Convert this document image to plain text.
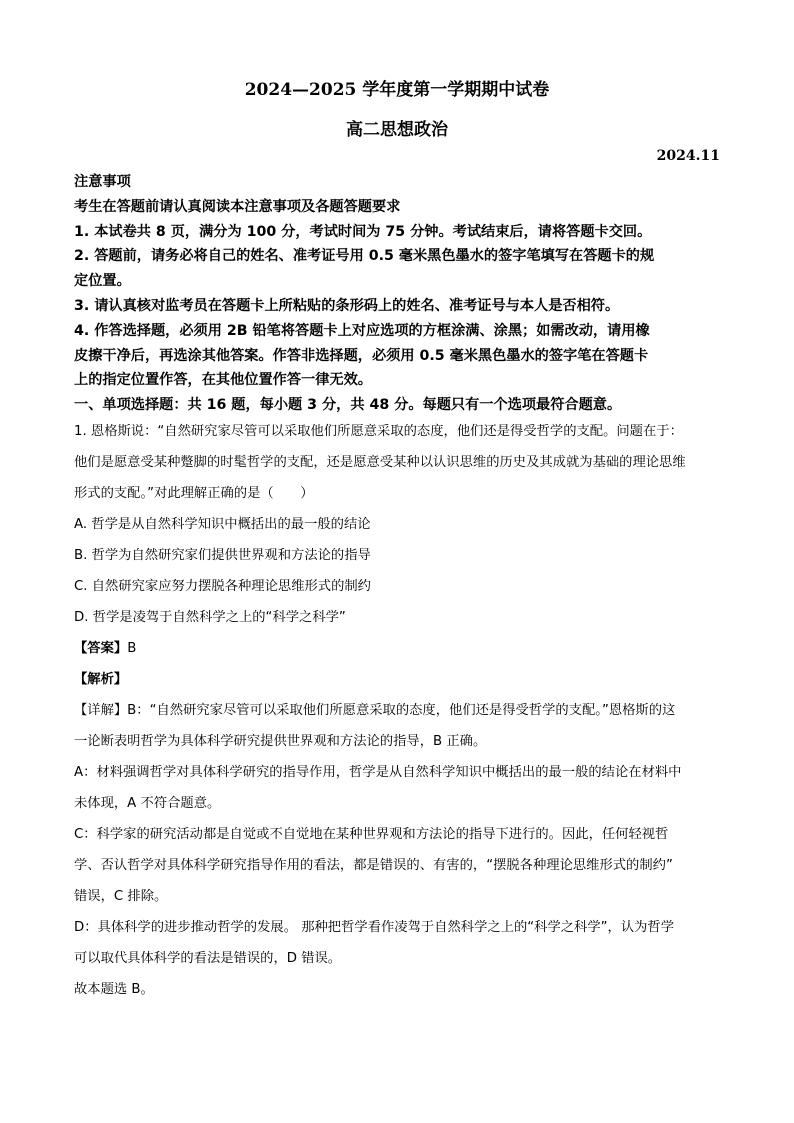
2024—2025 学年度第一学期期中试卷
高二思想政治
2024.11
注意事项
考生在答题前请认真阅读本注意事项及各题答题要求
1. 本试卷共 8 页，满分为 100 分，考试时间为 75 分钟。考试结束后，请将答题卡交回。
2. 答题前，请务必将自己的姓名、准考证号用 0.5 毫米黑色墨水的签字笔填写在答题卡的规
定位置。
3. 请认真核对监考员在答题卡上所粘贴的条形码上的姓名、准考证号与本人是否相符。
4. 作答选择题，必须用 2B 铅笔将答题卡上对应选项的方框涂满、涂黑；如需改动，请用橡
皮擦干净后，再选涂其他答案。作答非选择题，必须用 0.5 毫米黑色墨水的签字笔在答题卡
上的指定位置作答，在其他位置作答一律无效。
一、单项选择题：共 16 题，每小题 3 分，共 48 分。每题只有一个选项最符合题意。
1. 恩格斯说：“自然研究家尽管可以采取他们所愿意采取的态度，他们还是得受哲学的支配。问题在于：
他们是愿意受某种蹩脚的时髦哲学的支配，还是愿意受某种以认识思维的历史及其成就为基础的理论思维
形式的支配。”对此理解正确的是（　　）
A. 哲学是从自然科学知识中概括出的最一般的结论
B. 哲学为自然研究家们提供世界观和方法论的指导
C. 自然研究家应努力摆脱各种理论思维形式的制约
D. 哲学是凌驾于自然科学之上的“科学之科学”
【答案】B
【解析】
【详解】B：“自然研究家尽管可以采取他们所愿意采取的态度，他们还是得受哲学的支配。”恩格斯的这
一论断表明哲学为具体科学研究提供世界观和方法论的指导，B 正确。
A：材料强调哲学对具体科学研究的指导作用，哲学是从自然科学知识中概括出的最一般的结论在材料中
未体现，A 不符合题意。
C：科学家的研究活动都是自觉或不自觉地在某种世界观和方法论的指导下进行的。因此，任何轻视哲
学、否认哲学对具体科学研究指导作用的看法，都是错误的、有害的，“摆脱各种理论思维形式的制约”
错误，C 排除。
D：具体科学的进步推动哲学的发展。 那种把哲学看作凌驾于自然科学之上的“科学之科学”，认为哲学
可以取代具体科学的看法是错误的，D 错误。
故本题选 B。
